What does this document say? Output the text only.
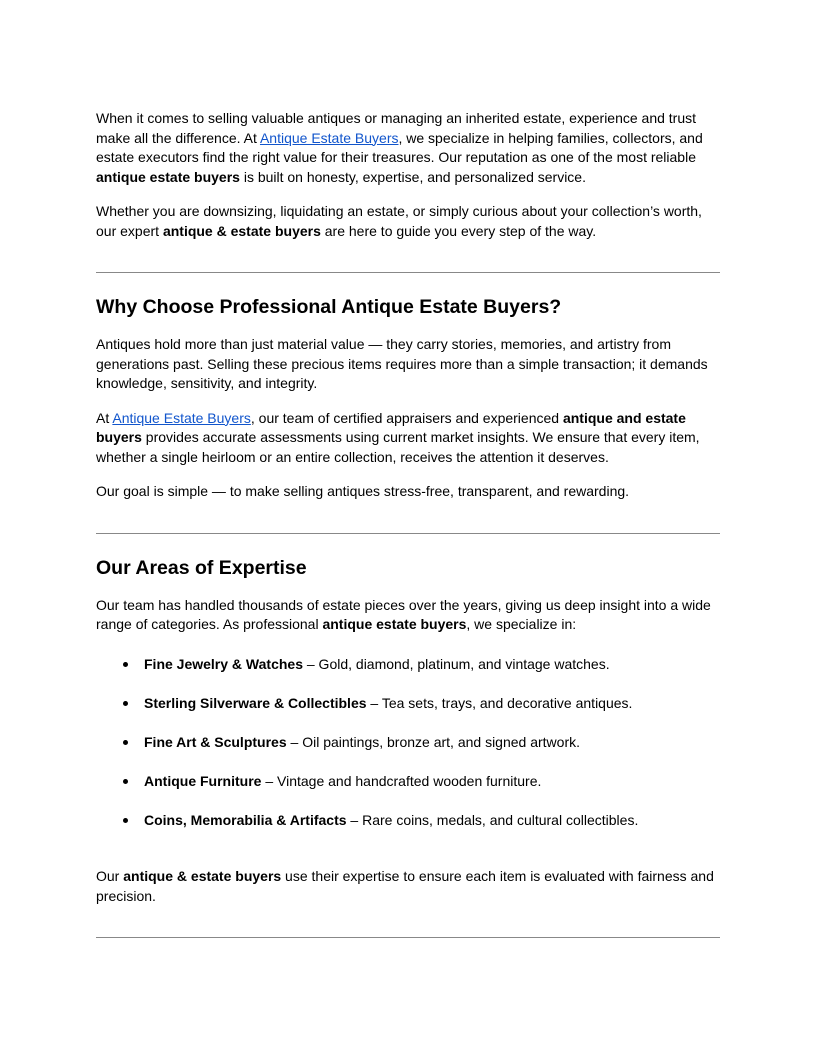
When it comes to selling valuable antiques or managing an inherited estate, experience and trust make all the difference. At Antique Estate Buyers, we specialize in helping families, collectors, and estate executors find the right value for their treasures. Our reputation as one of the most reliable antique estate buyers is built on honesty, expertise, and personalized service.

Whether you are downsizing, liquidating an estate, or simply curious about your collection’s worth, our expert antique & estate buyers are here to guide you every step of the way.

Why Choose Professional Antique Estate Buyers?

Antiques hold more than just material value — they carry stories, memories, and artistry from generations past. Selling these precious items requires more than a simple transaction; it demands knowledge, sensitivity, and integrity.

At Antique Estate Buyers, our team of certified appraisers and experienced antique and estate buyers provides accurate assessments using current market insights. We ensure that every item, whether a single heirloom or an entire collection, receives the attention it deserves.

Our goal is simple — to make selling antiques stress-free, transparent, and rewarding.

Our Areas of Expertise

Our team has handled thousands of estate pieces over the years, giving us deep insight into a wide range of categories. As professional antique estate buyers, we specialize in:

Fine Jewelry & Watches – Gold, diamond, platinum, and vintage watches.
Sterling Silverware & Collectibles – Tea sets, trays, and decorative antiques.
Fine Art & Sculptures – Oil paintings, bronze art, and signed artwork.
Antique Furniture – Vintage and handcrafted wooden furniture.
Coins, Memorabilia & Artifacts – Rare coins, medals, and cultural collectibles.

Our antique & estate buyers use their expertise to ensure each item is evaluated with fairness and precision.
